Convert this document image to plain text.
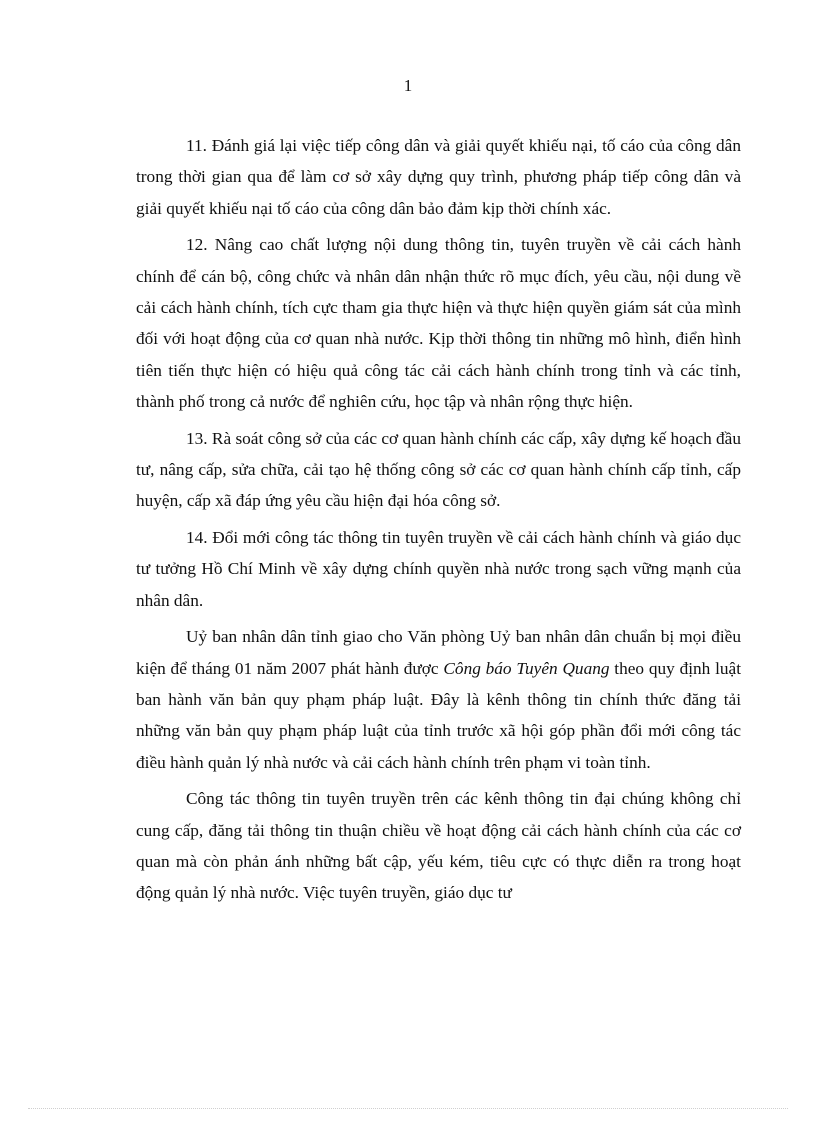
1

11. Đánh giá lại việc tiếp công dân và giải quyết khiếu nại, tố cáo của công dân trong thời gian qua để làm cơ sở xây dựng quy trình, phương pháp tiếp công dân và giải quyết khiếu nại tố cáo của công dân bảo đảm kịp thời chính xác.

12. Nâng cao chất lượng nội dung thông tin, tuyên truyền về cải cách hành chính để cán bộ, công chức và nhân dân nhận thức rõ mục đích, yêu cầu, nội dung về cải cách hành chính, tích cực tham gia thực hiện và thực hiện quyền giám sát của mình đối với hoạt động của cơ quan nhà nước. Kịp thời thông tin những mô hình, điển hình tiên tiến thực hiện có hiệu quả công tác cải cách hành chính trong tỉnh và các tỉnh, thành phố trong cả nước để nghiên cứu, học tập và nhân rộng thực hiện.

13. Rà soát công sở của các cơ quan hành chính các cấp, xây dựng kế hoạch đầu tư, nâng cấp, sửa chữa, cải tạo hệ thống công sở các cơ quan hành chính cấp tỉnh, cấp huyện, cấp xã đáp ứng yêu cầu hiện đại hóa công sở.

14. Đổi mới công tác thông tin tuyên truyền về cải cách hành chính và giáo dục tư tưởng Hồ Chí Minh về xây dựng chính quyền nhà nước trong sạch vững mạnh của nhân dân.

Uỷ ban nhân dân tỉnh giao cho Văn phòng Uỷ ban nhân dân chuẩn bị mọi điều kiện để tháng 01 năm 2007 phát hành được Công báo Tuyên Quang theo quy định luật ban hành văn bản quy phạm pháp luật. Đây là kênh thông tin chính thức đăng tải những văn bản quy phạm pháp luật của tỉnh trước xã hội góp phần đổi mới công tác điều hành quản lý nhà nước và cải cách hành chính trên phạm vi toàn tỉnh.

Công tác thông tin tuyên truyền trên các kênh thông tin đại chúng không chỉ cung cấp, đăng tải thông tin thuận chiều về hoạt động cải cách hành chính của các cơ quan mà còn phản ánh những bất cập, yếu kém, tiêu cực có thực diễn ra trong hoạt động quản lý nhà nước. Việc tuyên truyền, giáo dục tư
